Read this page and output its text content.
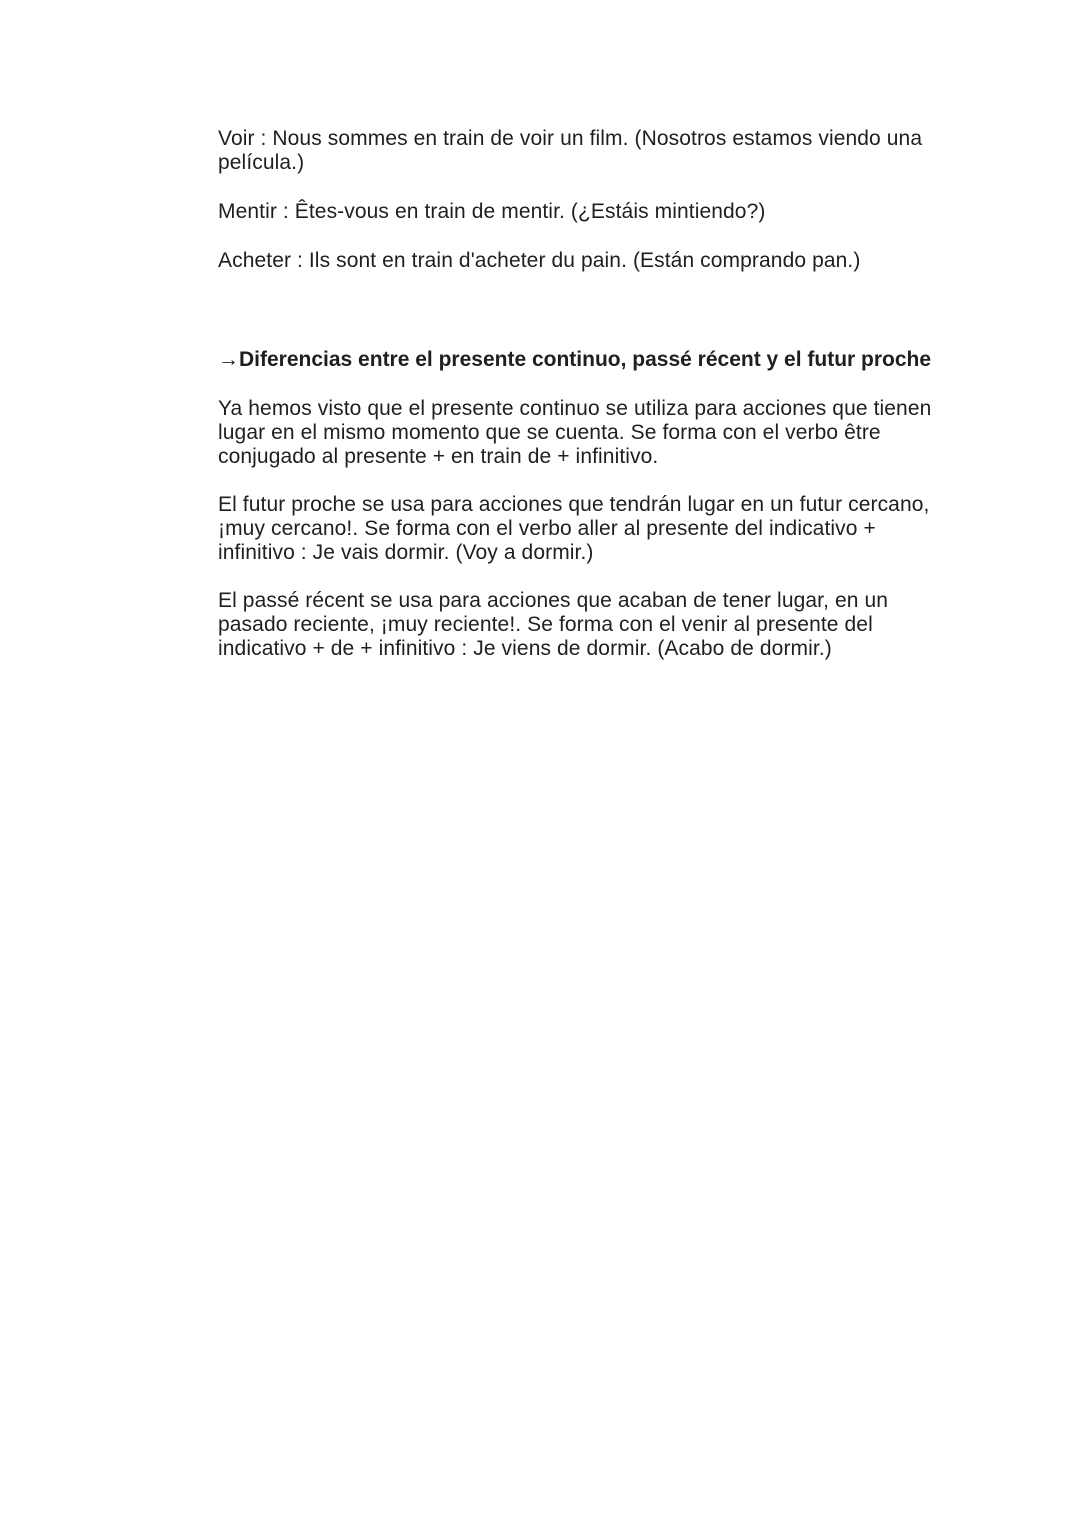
Voir : Nous sommes en train de voir un film. (Nosotros estamos viendo una película.)

Mentir : Êtes-vous en train de mentir. (¿Estáis mintiendo?)

Acheter : Ils sont en train d'acheter du pain. (Están comprando pan.)

→Diferencias entre el presente continuo, passé récent y el futur proche

Ya hemos visto que el presente continuo se utiliza para acciones que tienen lugar en el mismo momento que se cuenta. Se forma con el verbo être conjugado al presente + en train de + infinitivo.

El futur proche se usa para acciones que tendrán lugar en un futur cercano, ¡muy cercano!. Se forma con el verbo aller al presente del indicativo + infinitivo : Je vais dormir. (Voy a dormir.)

El passé récent se usa para acciones que acaban de tener lugar, en un pasado reciente, ¡muy reciente!. Se forma con el venir al presente del indicativo + de + infinitivo : Je viens de dormir. (Acabo de dormir.)
